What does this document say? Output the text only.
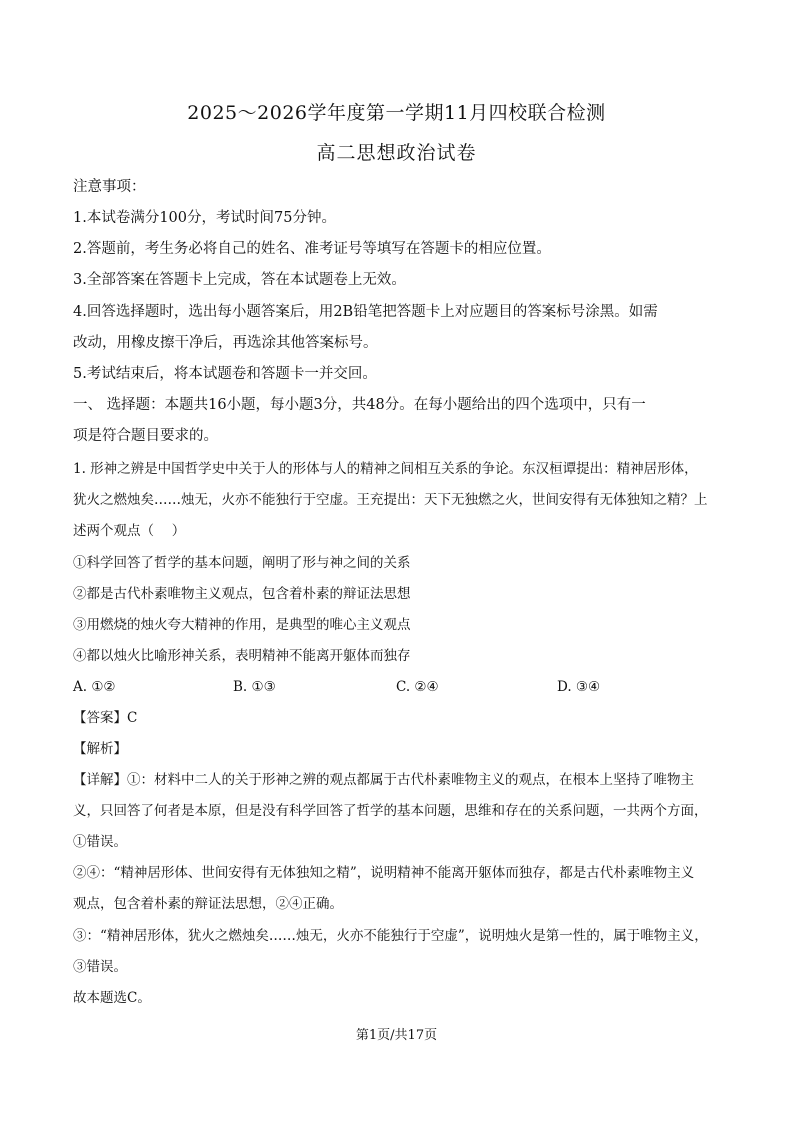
2025～2026学年度第一学期11月四校联合检测
高二思想政治试卷
注意事项：
1.本试卷满分100分，考试时间75分钟。
2.答题前，考生务必将自己的姓名、准考证号等填写在答题卡的相应位置。
3.全部答案在答题卡上完成，答在本试题卷上无效。
4.回答选择题时，选出每小题答案后，用2B铅笔把答题卡上对应题目的答案标号涂黑。如需
改动，用橡皮擦干净后，再选涂其他答案标号。
5.考试结束后，将本试题卷和答题卡一并交回。
一、 选择题：本题共16小题，每小题3分，共48分。在每小题给出的四个选项中，只有一
项是符合题目要求的。
1. 形神之辨是中国哲学史中关于人的形体与人的精神之间相互关系的争论。东汉桓谭提出：精神居形体，
犹火之燃烛矣……烛无，火亦不能独行于空虚。王充提出：天下无独燃之火，世间安得有无体独知之精？上
述两个观点（　 ）
①科学回答了哲学的基本问题，阐明了形与神之间的关系
②都是古代朴素唯物主义观点，包含着朴素的辩证法思想
③用燃烧的烛火夸大精神的作用，是典型的唯心主义观点
④都以烛火比喻形神关系，表明精神不能离开躯体而独存
A. ①②	B. ①③	C. ②④	D. ③④
【答案】C
【解析】
【详解】①：材料中二人的关于形神之辨的观点都属于古代朴素唯物主义的观点，在根本上坚持了唯物主
义，只回答了何者是本原，但是没有科学回答了哲学的基本问题，思维和存在的关系问题，一共两个方面，
①错误。
②④：“精神居形体、世间安得有无体独知之精”，说明精神不能离开躯体而独存，都是古代朴素唯物主义
观点，包含着朴素的辩证法思想，②④正确。
③：“精神居形体，犹火之燃烛矣……烛无，火亦不能独行于空虚”，说明烛火是第一性的，属于唯物主义，
③错误。
故本题选C。
第1页/共17页
